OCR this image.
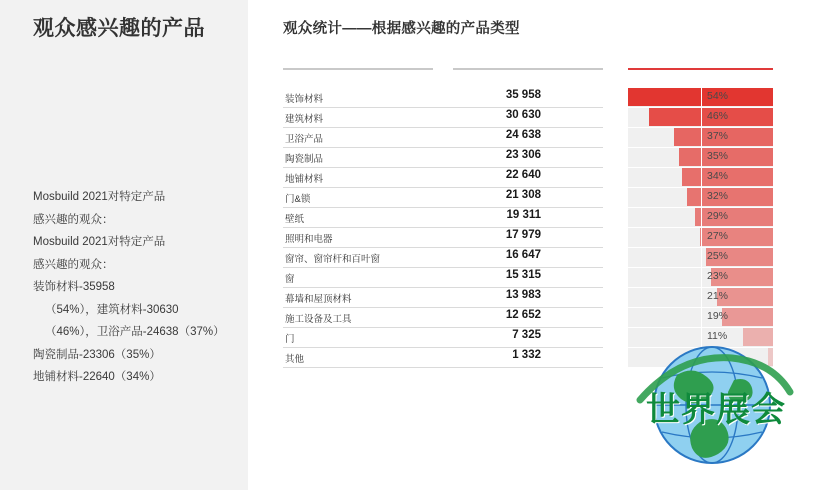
观众感兴趣的产品
Mosbuild 2021对特定产品
感兴趣的观众：
Mosbuild 2021对特定产品
感兴趣的观众：
装饰材料-35958
（54%），建筑材料-30630
（46%），卫浴产品-24638（37%）
陶瓷制品-23306（35%）
地铺材料-22640（34%）
观众统计——根据感兴趣的产品类型
装饰材料	35 958	54%
建筑材料	30 630	46%
卫浴产品	24 638	37%
陶瓷制品	23 306	35%
地铺材料	22 640	34%
门&锁	21 308	32%
壁纸	19 311	29%
照明和电器	17 979	27%
窗帘、窗帘杆和百叶窗	16 647	25%
窗	15 315	23%
幕墙和屋顶材料	13 983	21%
施工设备及工具	12 652	19%
门	7 325	11%
其他	1 332
世界展会
